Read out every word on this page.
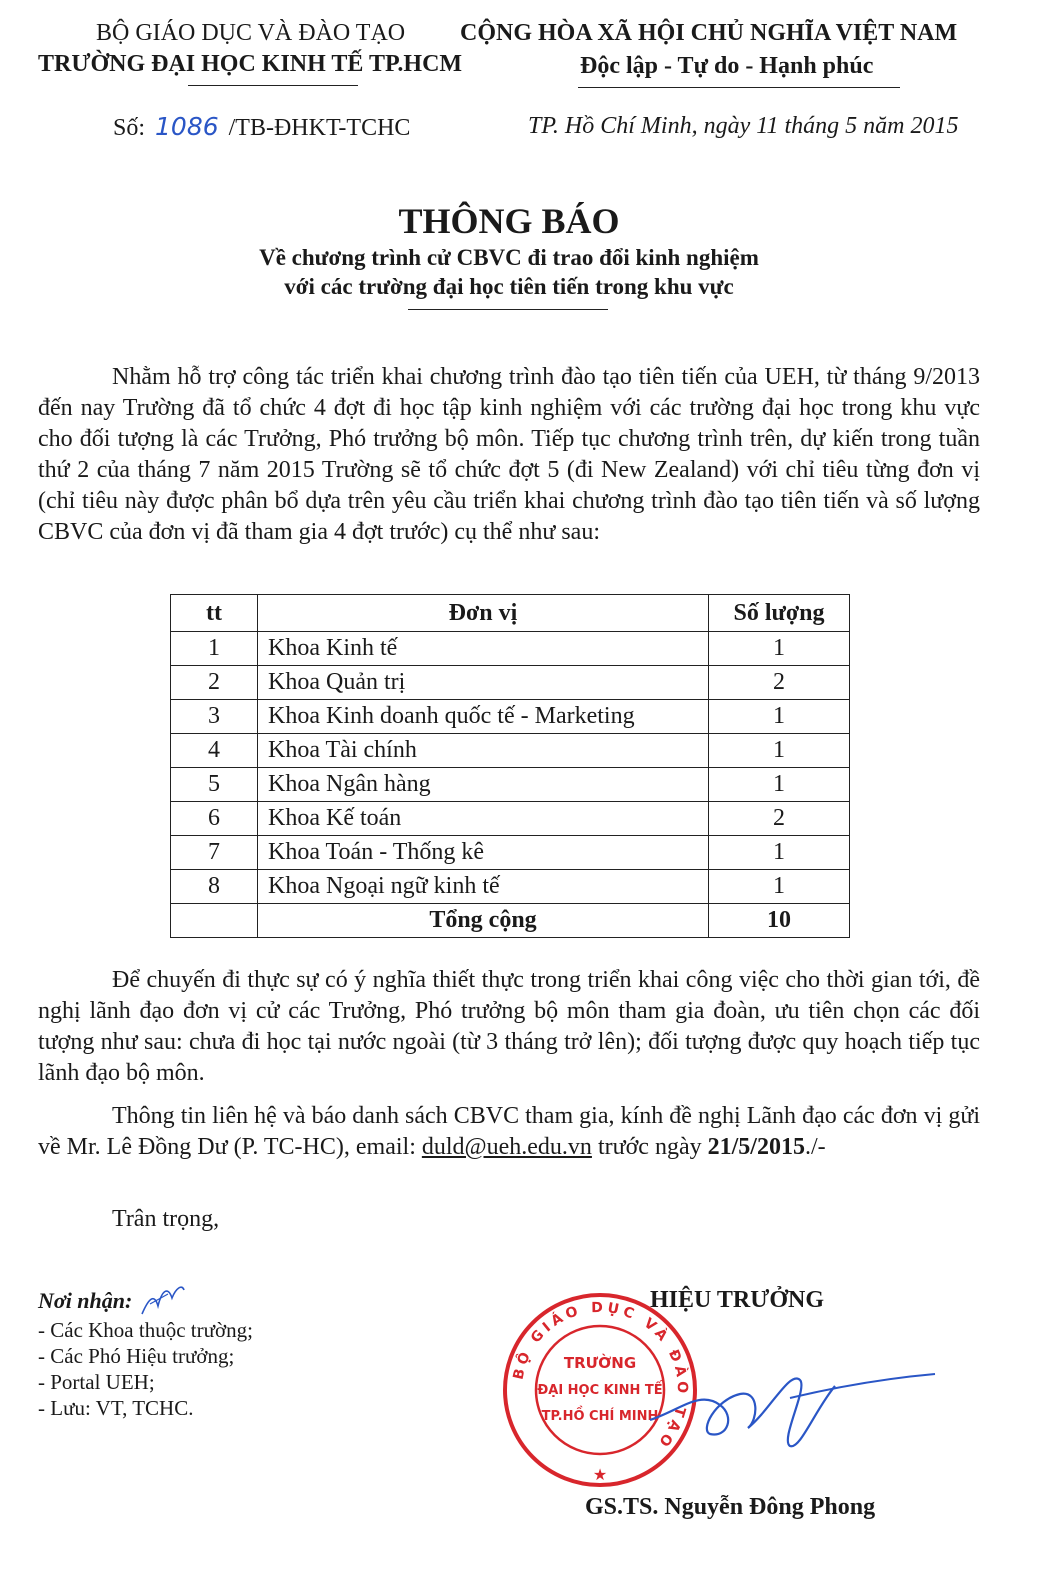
BỘ GIÁO DỤC VÀ ĐÀO TẠO
TRƯỜNG ĐẠI HỌC KINH TẾ TP.HCM
CỘNG HÒA XÃ HỘI CHỦ NGHĨA VIỆT NAM
Độc lập - Tự do - Hạnh phúc
Số: 1086 /TB-ĐHKT-TCHC	TP. Hồ Chí Minh, ngày 11 tháng 5 năm 2015
THÔNG BÁO
Về chương trình cử CBVC đi trao đổi kinh nghiệm
với các trường đại học tiên tiến trong khu vực

Nhằm hỗ trợ công tác triển khai chương trình đào tạo tiên tiến của UEH, từ tháng 9/2013 đến nay Trường đã tổ chức 4 đợt đi học tập kinh nghiệm với các trường đại học trong khu vực cho đối tượng là các Trưởng, Phó trưởng bộ môn. Tiếp tục chương trình trên, dự kiến trong tuần thứ 2 của tháng 7 năm 2015 Trường sẽ tổ chức đợt 5 (đi New Zealand) với chỉ tiêu từng đơn vị (chỉ tiêu này được phân bổ dựa trên yêu cầu triển khai chương trình đào tạo tiên tiến và số lượng CBVC của đơn vị đã tham gia 4 đợt trước) cụ thể như sau:

tt	Đơn vị	Số lượng
1	Khoa Kinh tế	1
2	Khoa Quản trị	2
3	Khoa Kinh doanh quốc tế - Marketing	1
4	Khoa Tài chính	1
5	Khoa Ngân hàng	1
6	Khoa Kế toán	2
7	Khoa Toán - Thống kê	1
8	Khoa Ngoại ngữ kinh tế	1
	Tổng cộng	10

Để chuyến đi thực sự có ý nghĩa thiết thực trong triển khai công việc cho thời gian tới, đề nghị lãnh đạo đơn vị cử các Trưởng, Phó trưởng bộ môn tham gia đoàn, ưu tiên chọn các đối tượng như sau: chưa đi học tại nước ngoài (từ 3 tháng trở lên); đối tượng được quy hoạch tiếp tục lãnh đạo bộ môn.

Thông tin liên hệ và báo danh sách CBVC tham gia, kính đề nghị Lãnh đạo các đơn vị gửi về Mr. Lê Đồng Dư (P. TC-HC), email: duld@ueh.edu.vn trước ngày 21/5/2015./-

Trân trọng,
Nơi nhận:
- Các Khoa thuộc trường;
- Các Phó Hiệu trưởng;
- Portal UEH;
- Lưu: VT, TCHC.
HIỆU TRƯỞNG
BỘ GIÁO DỤC VÀ ĐÀO TẠO
TRƯỜNG
ĐẠI HỌC KINH TẾ
TP.HỒ CHÍ MINH
★
GS.TS. Nguyễn Đông Phong
